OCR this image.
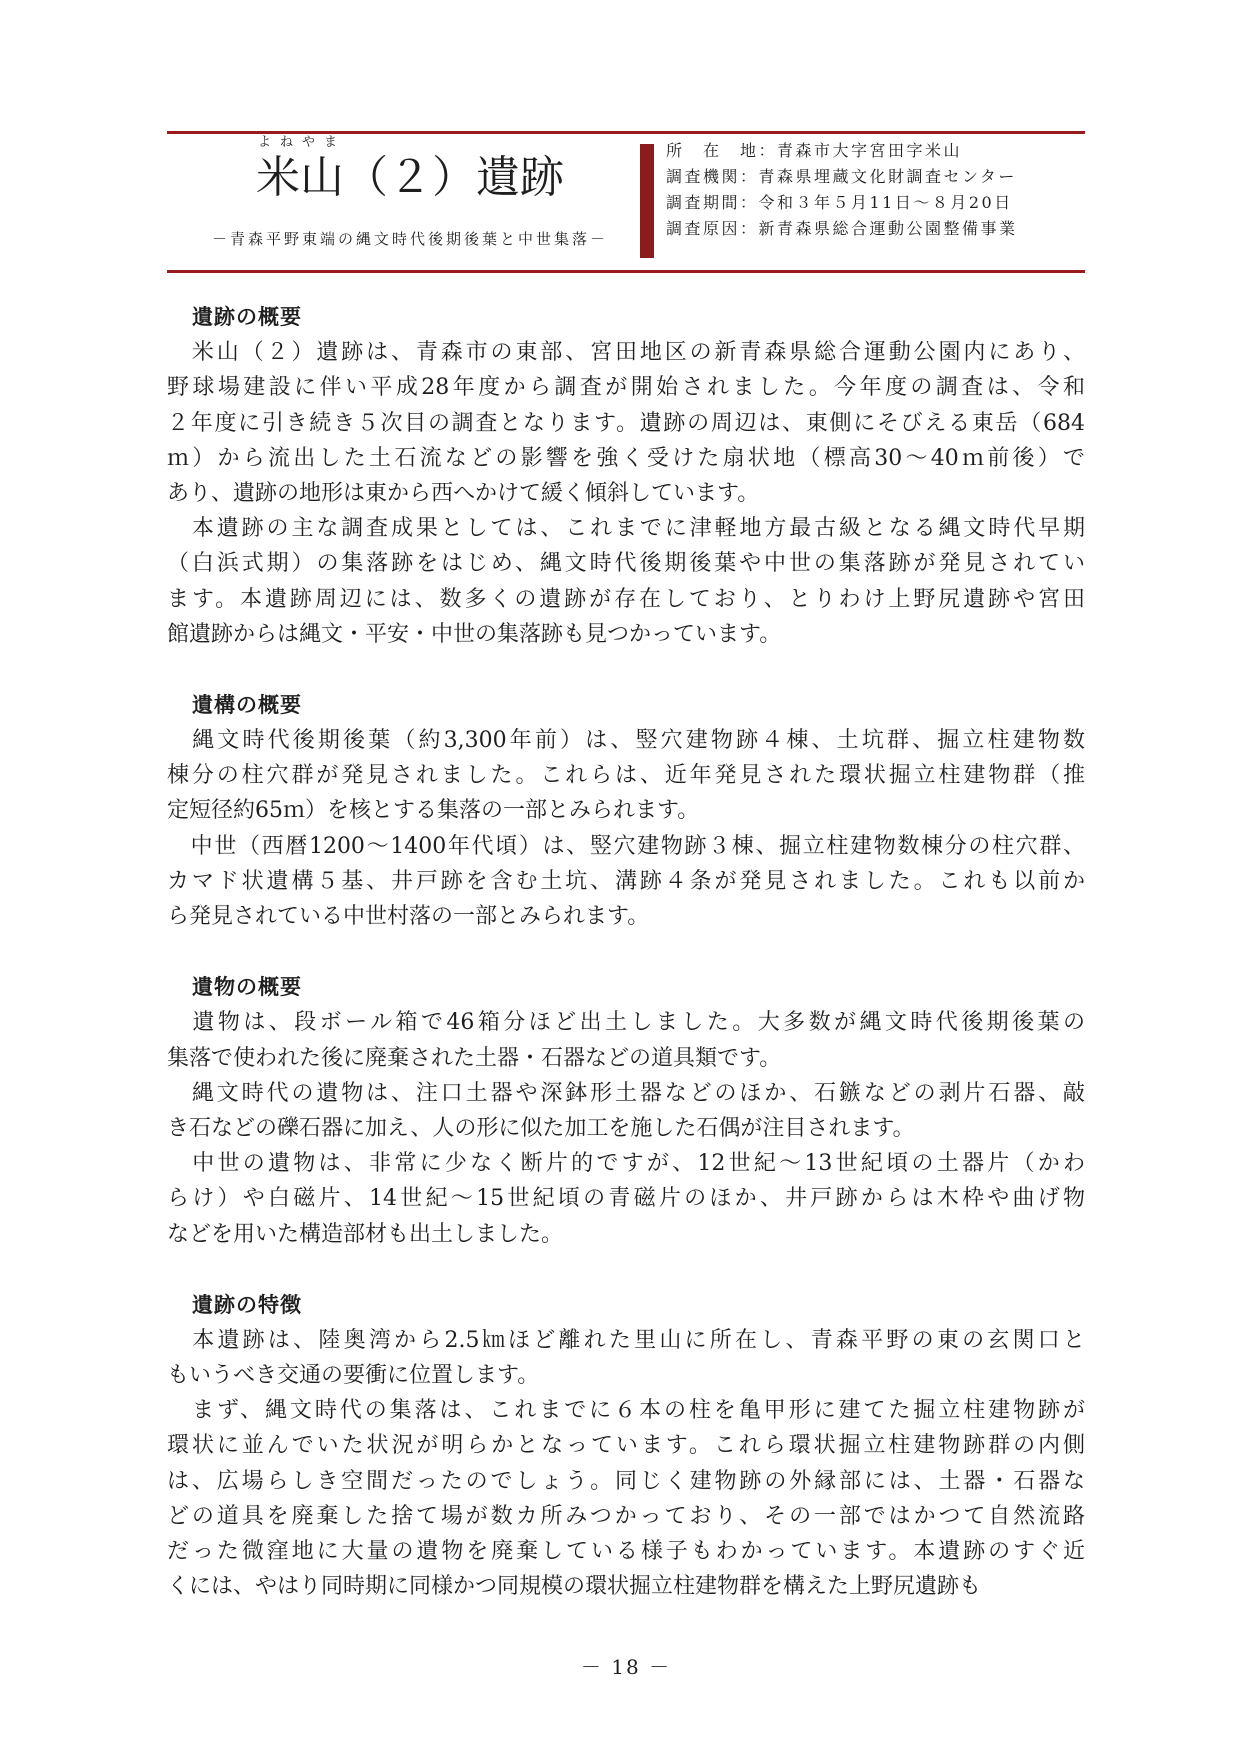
よねやま
米山（２）遺跡
－青森平野東端の縄文時代後期後葉と中世集落－
所　在　地：青森市大字宮田字米山
調査機関：青森県埋蔵文化財調査センター
調査期間：令和３年５月11日～８月20日
調査原因：新青森県総合運動公園整備事業
遺跡の概要
　米山（２）遺跡は、青森市の東部、宮田地区の新青森県総合運動公園内にあり、
野球場建設に伴い平成28年度から調査が開始されました。今年度の調査は、令和
２年度に引き続き５次目の調査となります。遺跡の周辺は、東側にそびえる東岳（684
ｍ）から流出した土石流などの影響を強く受けた扇状地（標高30～40ｍ前後）で
あり、遺跡の地形は東から西へかけて緩く傾斜しています。
　本遺跡の主な調査成果としては、これまでに津軽地方最古級となる縄文時代早期
（白浜式期）の集落跡をはじめ、縄文時代後期後葉や中世の集落跡が発見されてい
ます。本遺跡周辺には、数多くの遺跡が存在しており、とりわけ上野尻遺跡や宮田
館遺跡からは縄文・平安・中世の集落跡も見つかっています。
遺構の概要
　縄文時代後期後葉（約3,300年前）は、竪穴建物跡４棟、土坑群、掘立柱建物数
棟分の柱穴群が発見されました。これらは、近年発見された環状掘立柱建物群（推
定短径約65ｍ）を核とする集落の一部とみられます。
　中世（西暦1200～1400年代頃）は、竪穴建物跡３棟、掘立柱建物数棟分の柱穴群、
カマド状遺構５基、井戸跡を含む土坑、溝跡４条が発見されました。これも以前か
ら発見されている中世村落の一部とみられます。
遺物の概要
　遺物は、段ボール箱で46箱分ほど出土しました。大多数が縄文時代後期後葉の
集落で使われた後に廃棄された土器・石器などの道具類です。
　縄文時代の遺物は、注口土器や深鉢形土器などのほか、石鏃などの剥片石器、敲
き石などの礫石器に加え、人の形に似た加工を施した石偶が注目されます。
　中世の遺物は、非常に少なく断片的ですが、12世紀～13世紀頃の土器片（かわ
らけ）や白磁片、14世紀～15世紀頃の青磁片のほか、井戸跡からは木枠や曲げ物
などを用いた構造部材も出土しました。
遺跡の特徴
　本遺跡は、陸奥湾から2.5㎞ほど離れた里山に所在し、青森平野の東の玄関口と
もいうべき交通の要衝に位置します。
　まず、縄文時代の集落は、これまでに６本の柱を亀甲形に建てた掘立柱建物跡が
環状に並んでいた状況が明らかとなっています。これら環状掘立柱建物跡群の内側
は、広場らしき空間だったのでしょう。同じく建物跡の外縁部には、土器・石器な
どの道具を廃棄した捨て場が数カ所みつかっており、その一部ではかつて自然流路
だった微窪地に大量の遺物を廃棄している様子もわかっています。本遺跡のすぐ近
くには、やはり同時期に同様かつ同規模の環状掘立柱建物群を構えた上野尻遺跡も
－ 18 －
